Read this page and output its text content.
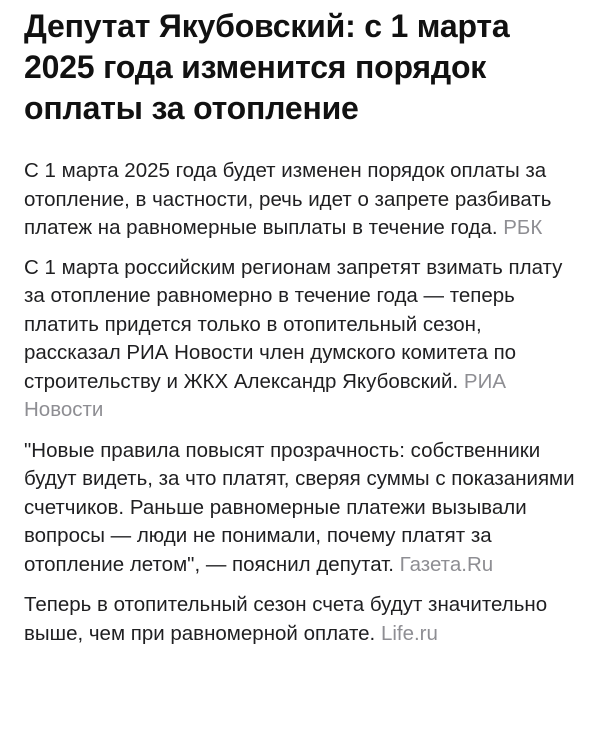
Депутат Якубовский: с 1 марта 2025 года изменится порядок оплаты за отопление

С 1 марта 2025 года будет изменен порядок оплаты за отопление, в частности, речь идет о запрете разбивать платеж на равномерные выплаты в течение года. РБК

С 1 марта российским регионам запретят взимать плату за отопление равномерно в течение года — теперь платить придется только в отопительный сезон, рассказал РИА Новости член думского комитета по строительству и ЖКХ Александр Якубовский. РИА Новости

"Новые правила повысят прозрачность: собственники будут видеть, за что платят, сверяя суммы с показаниями счетчиков. Раньше равномерные платежи вызывали вопросы — люди не понимали, почему платят за отопление летом", — пояснил депутат. Газета.Ru

Теперь в отопительный сезон счета будут значительно выше, чем при равномерной оплате. Life.ru
